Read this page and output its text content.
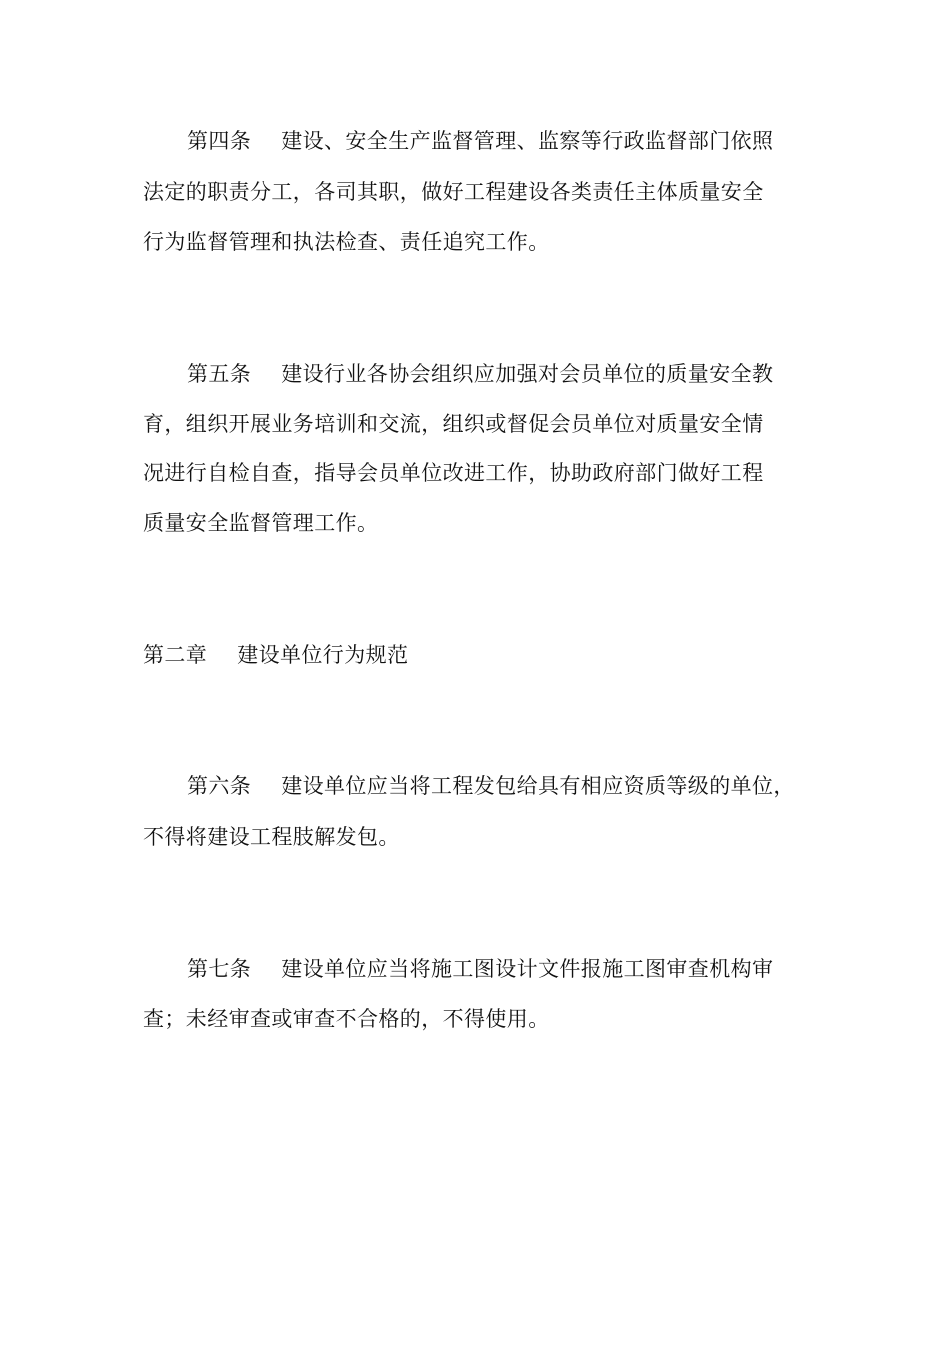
第四条 建设、安全生产监督管理、监察等行政监督部门依照
法定的职责分工，各司其职，做好工程建设各类责任主体质量安全
行为监督管理和执法检查、责任追究工作。
第五条 建设行业各协会组织应加强对会员单位的质量安全教
育，组织开展业务培训和交流，组织或督促会员单位对质量安全情
况进行自检自查，指导会员单位改进工作，协助政府部门做好工程
质量安全监督管理工作。
第二章 建设单位行为规范
第六条 建设单位应当将工程发包给具有相应资质等级的单位，
不得将建设工程肢解发包。
第七条 建设单位应当将施工图设计文件报施工图审查机构审
查；未经审查或审查不合格的，不得使用。
